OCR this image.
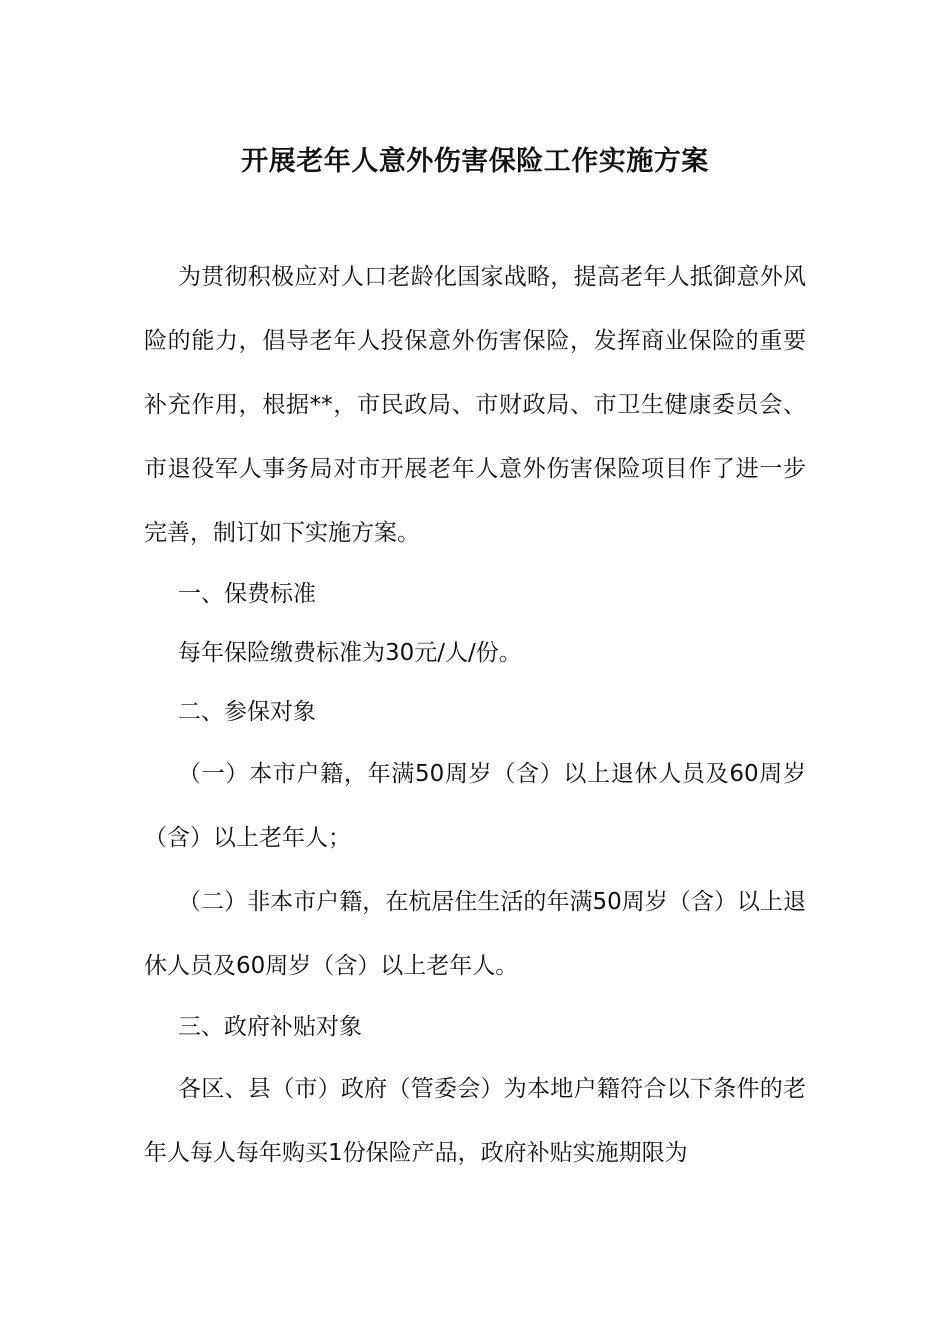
开展老年人意外伤害保险工作实施方案

为贯彻积极应对人口老龄化国家战略，提高老年人抵御意外风险的能力，倡导老年人投保意外伤害保险，发挥商业保险的重要补充作用，根据**，市民政局、市财政局、市卫生健康委员会、市退役军人事务局对市开展老年人意外伤害保险项目作了进一步完善，制订如下实施方案。

一、保费标准

每年保险缴费标准为30元/人/份。

二、参保对象

（一）本市户籍，年满50周岁（含）以上退休人员及60周岁（含）以上老年人；

（二）非本市户籍，在杭居住生活的年满50周岁（含）以上退休人员及60周岁（含）以上老年人。

三、政府补贴对象

各区、县（市）政府（管委会）为本地户籍符合以下条件的老年人每人每年购买1份保险产品，政府补贴实施期限为
